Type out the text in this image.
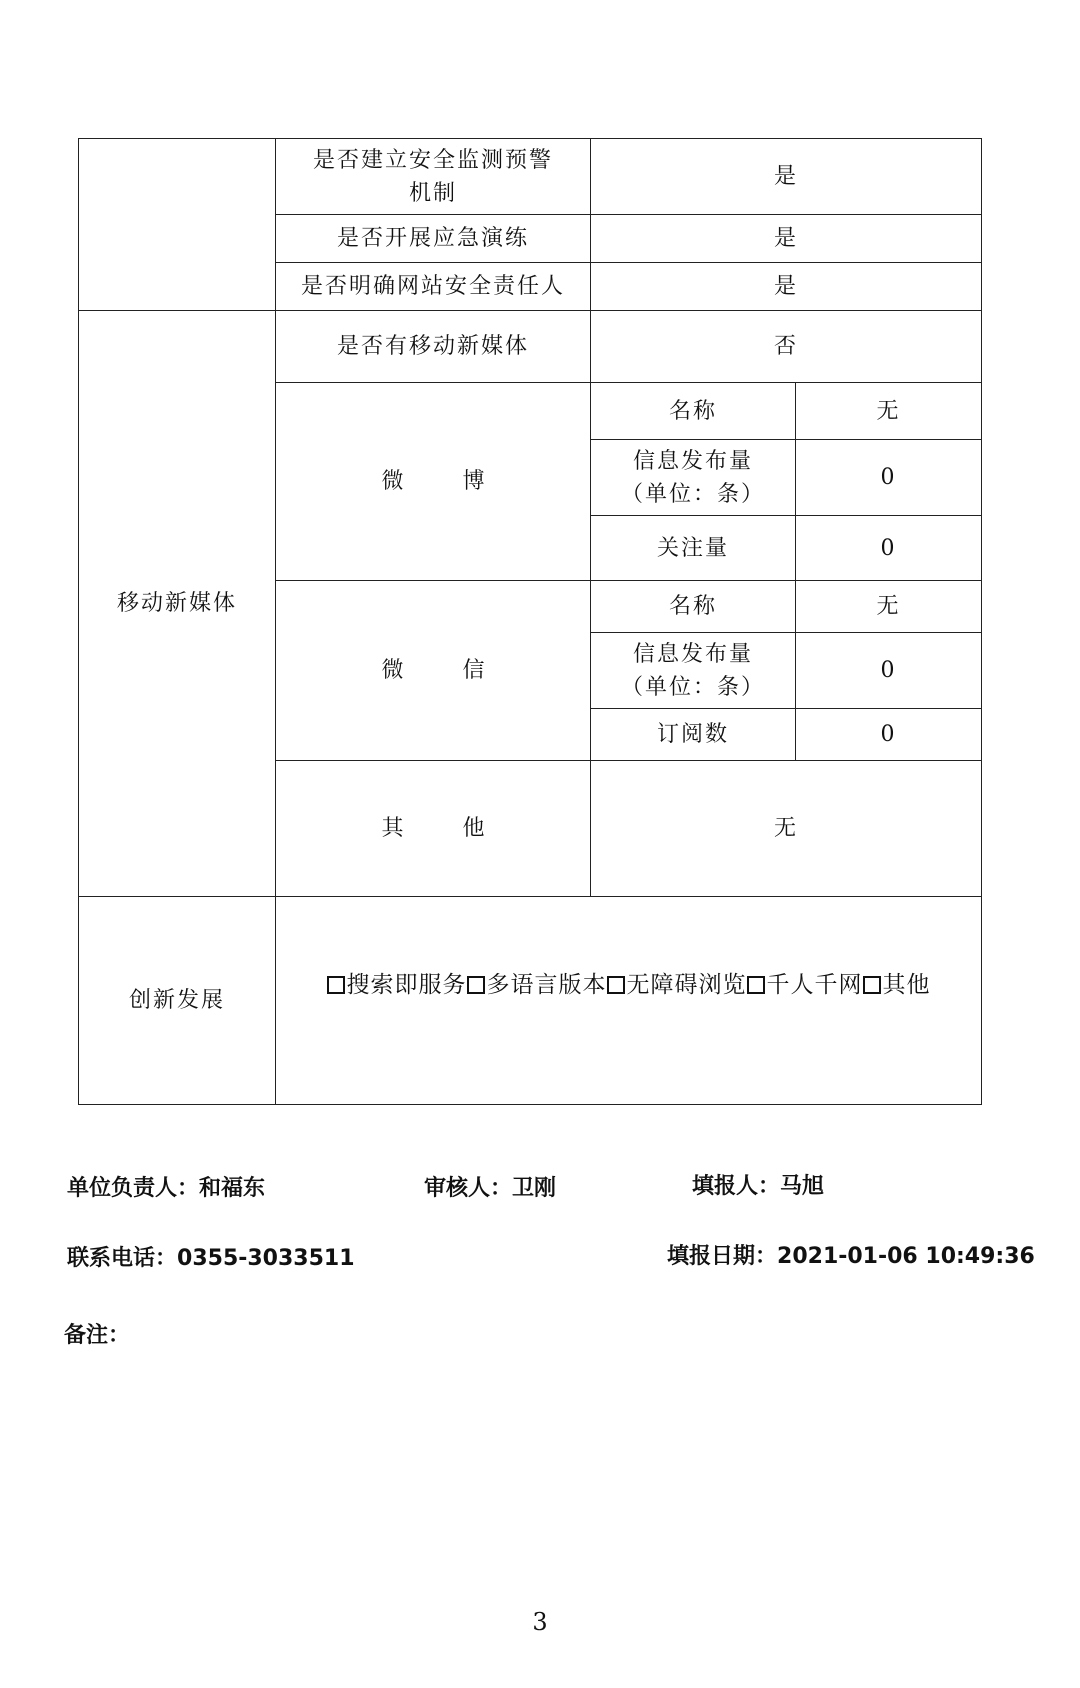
	是否建立安全监测预警机制	是	
	是否开展应急演练	是	
	是否明确网站安全责任人	是	
移动新媒体	是否有移动新媒体	否	
	微 博	名称	无
		信息发布量
（单位：条）	0
		关注量	0
	微 信	名称	无
		信息发布量
（单位：条）	0
		订阅数	0
	其 他	无	
创新发展	搜索即服务 多语言版本 无障碍浏览 千人千网 其他		
单位负责人：和福东	审核人：卫刚	填报人：马旭
联系电话：0355-3033511	填报日期：2021-01-06 10:49:36
备注：
3
